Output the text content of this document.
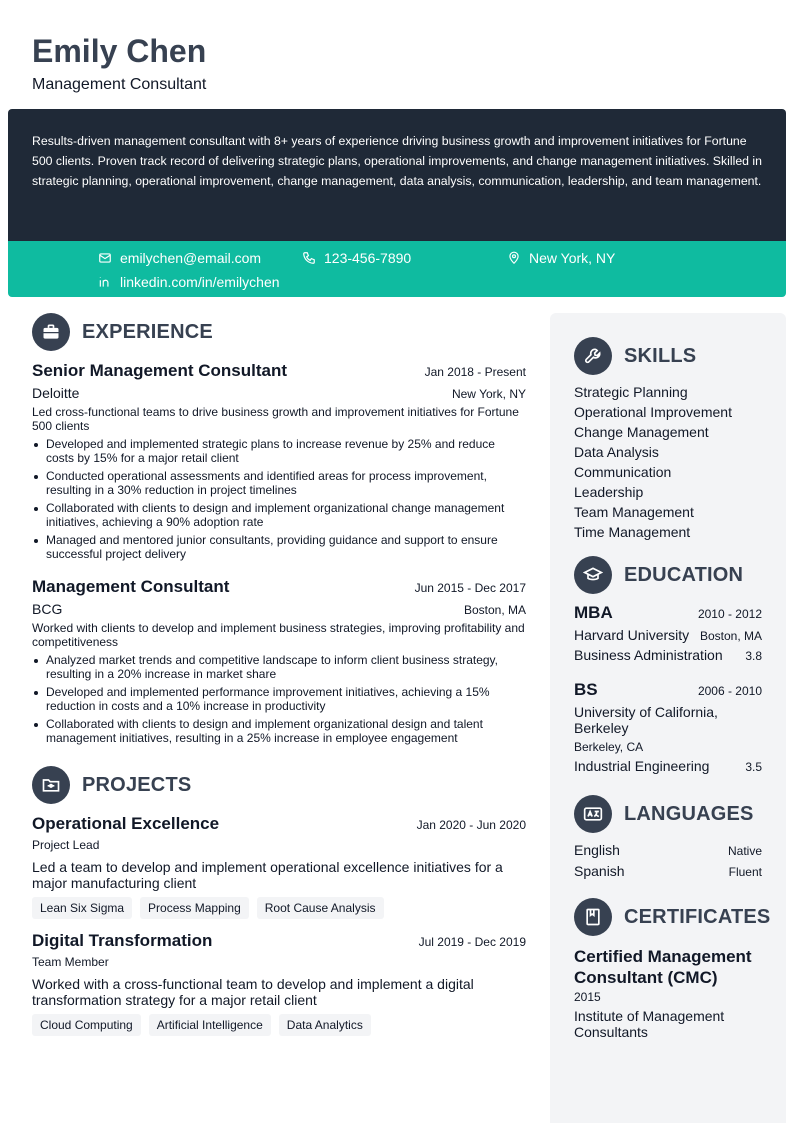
Emily Chen
Management Consultant

Results-driven management consultant with 8+ years of experience driving business growth and improvement initiatives for Fortune 500 clients. Proven track record of delivering strategic plans, operational improvements, and change management initiatives. Skilled in strategic planning, operational improvement, change management, data analysis, communication, leadership, and team management.

emilychen@email.com	123-456-7890	New York, NY
linkedin.com/in/emilychen
EXPERIENCE
Senior Management Consultant	Jan 2018 - Present
Deloitte	New York, NY
Led cross-functional teams to drive business growth and improvement initiatives for Fortune 500 clients
Developed and implemented strategic plans to increase revenue by 25% and reduce costs by 15% for a major retail client
Conducted operational assessments and identified areas for process improvement, resulting in a 30% reduction in project timelines
Collaborated with clients to design and implement organizational change management initiatives, achieving a 90% adoption rate
Managed and mentored junior consultants, providing guidance and support to ensure successful project delivery
Management Consultant	Jun 2015 - Dec 2017
BCG	Boston, MA
Worked with clients to develop and implement business strategies, improving profitability and competitiveness
Analyzed market trends and competitive landscape to inform client business strategy, resulting in a 20% increase in market share
Developed and implemented performance improvement initiatives, achieving a 15% reduction in costs and a 10% increase in productivity
Collaborated with clients to design and implement organizational design and talent management initiatives, resulting in a 25% increase in employee engagement
PROJECTS
Operational Excellence	Jan 2020 - Jun 2020
Project Lead
Led a team to develop and implement operational excellence initiatives for a major manufacturing client
Lean Six Sigma	Process Mapping	Root Cause Analysis
Digital Transformation	Jul 2019 - Dec 2019
Team Member
Worked with a cross-functional team to develop and implement a digital transformation strategy for a major retail client
Cloud Computing	Artificial Intelligence	Data Analytics
SKILLS
Strategic Planning
Operational Improvement
Change Management
Data Analysis
Communication
Leadership
Team Management
Time Management
EDUCATION
MBA	2010 - 2012
Harvard University Boston, MA
Business Administration 3.8
BS	2006 - 2010
University of California, Berkeley
Berkeley, CA
Industrial Engineering	3.5
LANGUAGES
English	Native
Spanish	Fluent
CERTIFICATES
Certified Management Consultant (CMC)
2015
Institute of Management Consultants
